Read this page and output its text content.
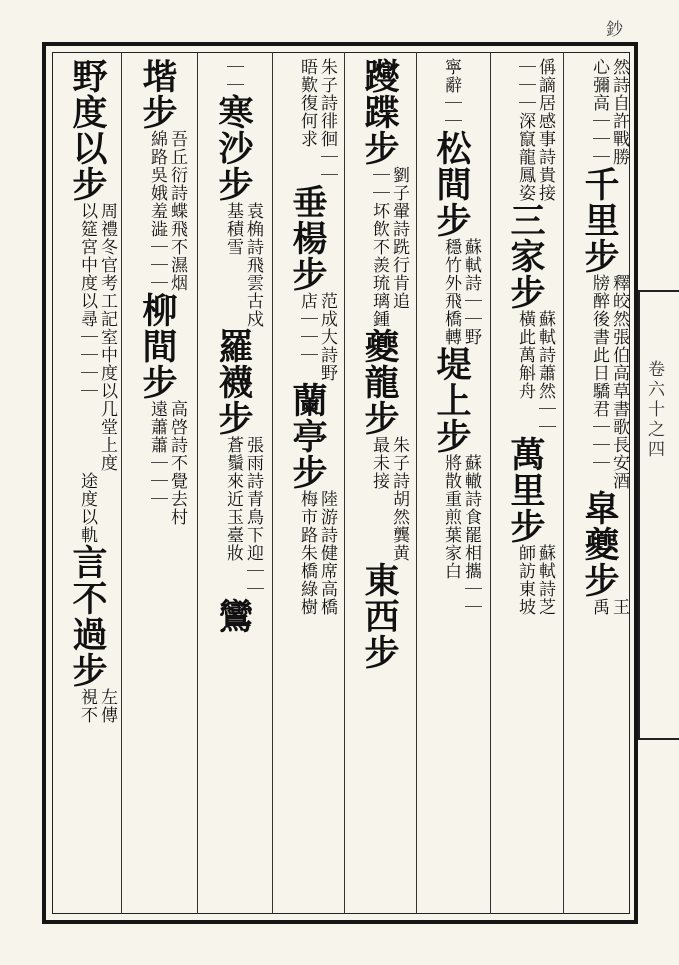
鈔
然詩自許戰勝
心彌高｜｜｜千里步釋皎然張伯高草書歌長安酒
牓醉後書此日驕君｜｜｜皐夔步王
禹
偁謫居感事詩貴接
｜｜｜深竄龍鳳姿三家步蘇軾詩蕭然｜｜
橫此萬斛舟萬里步蘇軾詩芝
師訪東坡
寧辭｜｜松間步蘇軾詩｜｜野
穩竹外飛橋轉堤上步蘇轍詩食罷相攜｜｜
將散重煎葉家白
躞蹀步劉子翬詩跣行肯追
｜｜坏飲不羨琉璃鍾夔龍步朱子詩胡然龔黄
最未接東西步
朱子詩徘徊｜｜
晤歎復何求垂楊步范成大詩野
店｜｜｜蘭亭步陸游詩健席高橋
梅市路朱橋綠樹
｜｜寒沙步袁桷詩飛雲古戍
基積雪羅襪步張雨詩青鳥下迎｜｜
蒼鬚來近玉臺妝鸞
堦步吾丘衍詩蝶飛不濕烟
綿路吳娥羞澁｜｜｜柳間步高啓詩不覺去村
遠蕭蕭｜｜｜
野度以步周禮冬官考工記室中度以几堂上度
以筵宮中度以尋｜｜｜｜途度以軌言不過步左傳
視不
卷六十之四
